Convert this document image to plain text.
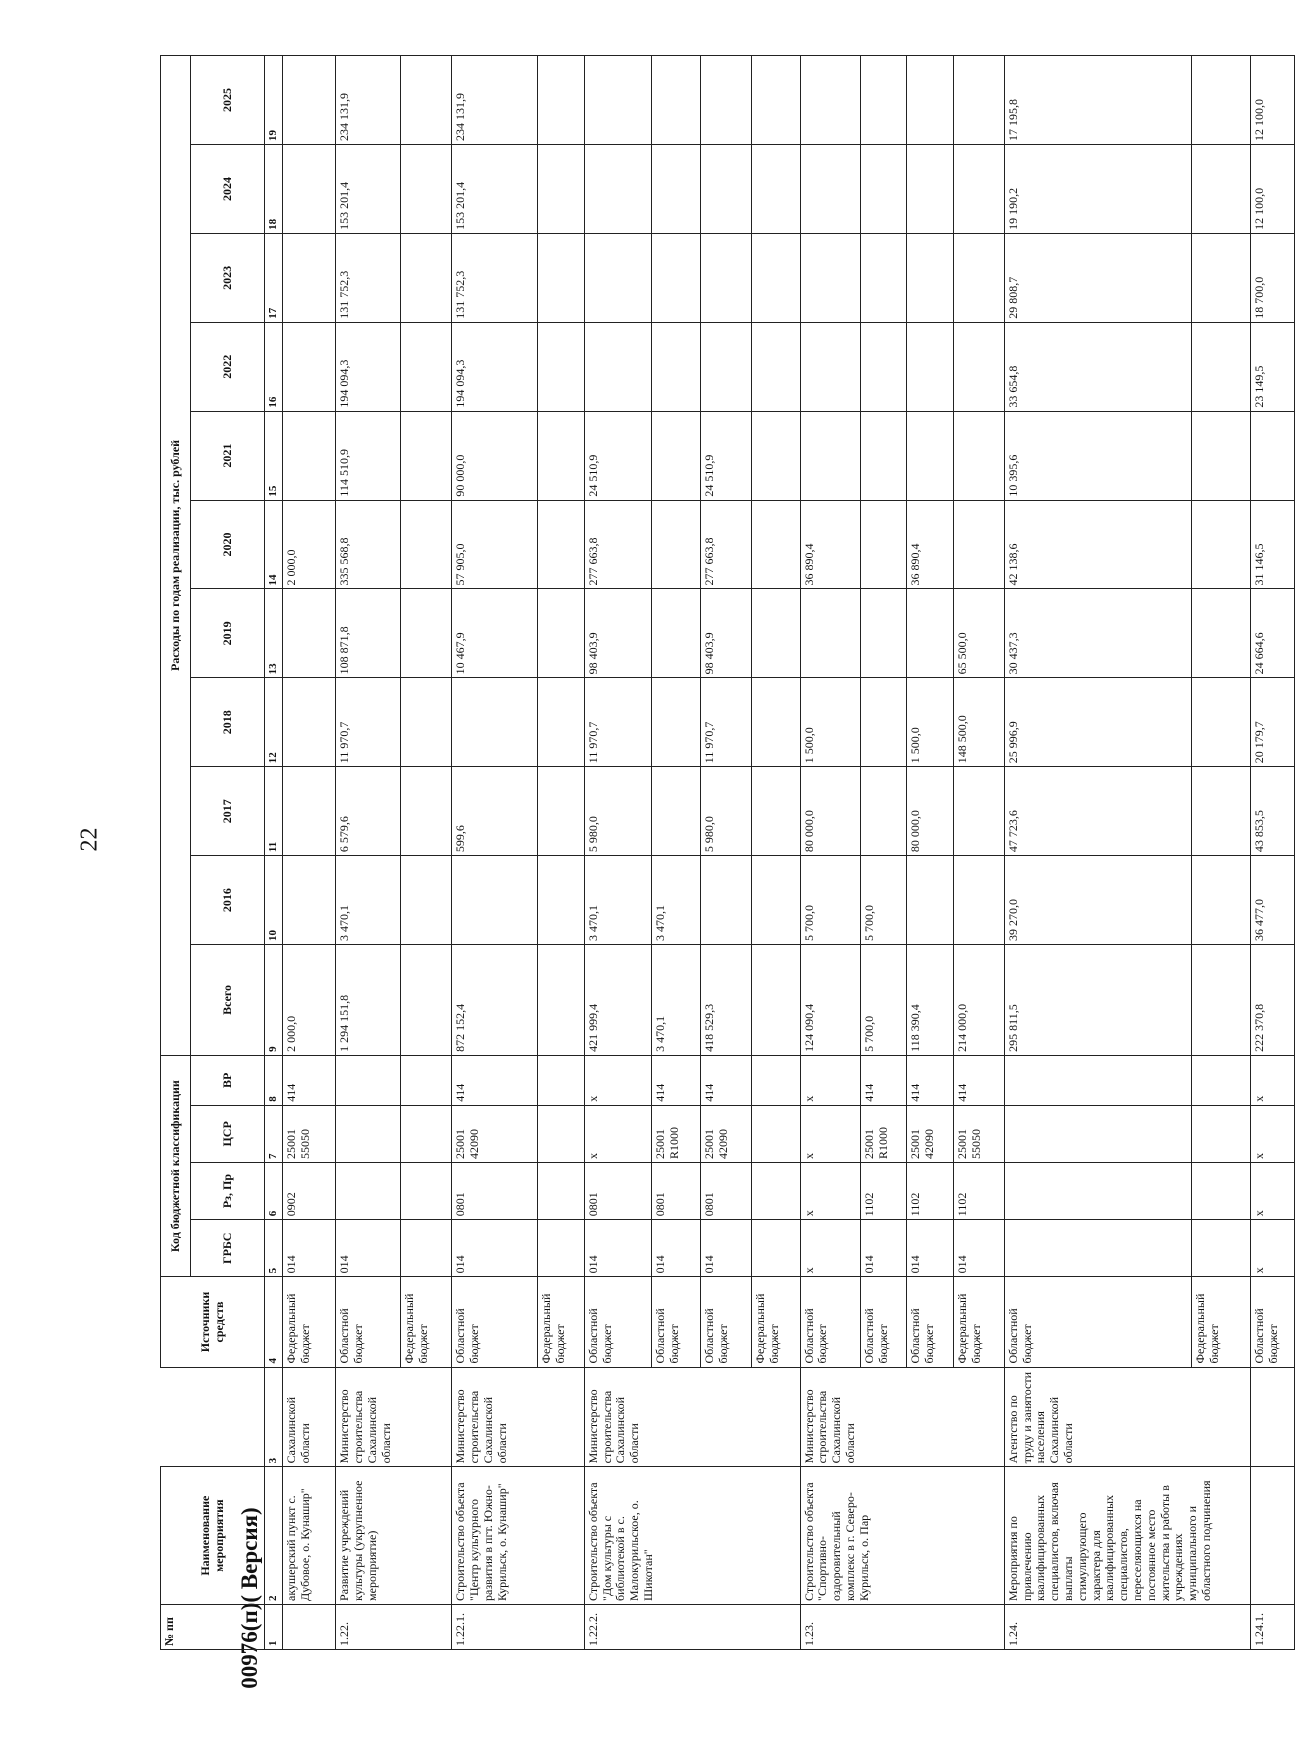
22
00976(п)( Версия)
№ пп	Наименование мероприятия		Источники средств	Код бюджетной классификации				Расходы по годам реализации, тыс. рублей										
				ГРБС	Рз, Пр	ЦСР	ВР	Всего	2016	2017	2018	2019	2020	2021	2022	2023	2024	2025
1	2	3	4	5	6	7	8	9	10	11	12	13	14	15	16	17	18	19
	акушерский пункт с. Дубовое, о. Кунашир"	Сахалинской области	Федеральный бюджет	014	0902	25001 55050	414	2 000,0					2 000,0					
1.22.	Развитие учреждений культуры (укрупненное мероприятие)	Министерство строительства Сахалинской области	Областной бюджет	014				1 294 151,8	3 470,1	6 579,6	11 970,7	108 871,8	335 568,8	114 510,9	194 094,3	131 752,3	153 201,4	234 131,9
			Федеральный бюджет															
1.22.1.	Строительство объекта "Центр культурного развития в пгт. Южно-Курильск, о. Кунашир"	Министерство строительства Сахалинской области	Областной бюджет	014	0801	25001 42090	414	872 152,4		599,6		10 467,9	57 905,0	90 000,0	194 094,3	131 752,3	153 201,4	234 131,9
			Федеральный бюджет															
1.22.2.	Строительство объекта "Дом культуры с библиотекой в с. Малокурильское, о. Шикотан"	Министерство строительства Сахалинской области	Областной бюджет	014	0801	х	х	421 999,4	3 470,1	5 980,0	11 970,7	98 403,9	277 663,8	24 510,9				
			Областной бюджет	014	0801	25001 R1000	414	3 470,1	3 470,1									
			Областной бюджет	014	0801	25001 42090	414	418 529,3		5 980,0	11 970,7	98 403,9	277 663,8	24 510,9				
			Федеральный бюджет															
1.23.	Строительство объекта "Спортивно-оздоровительный комплекс в г. Северо-Курильск, о. Пар	Министерство строительства Сахалинской области	Областной бюджет	х	х	х	х	124 090,4	5 700,0	80 000,0	1 500,0		36 890,4					
			Областной бюджет	014	1102	25001 R1000	414	5 700,0	5 700,0									
			Областной бюджет	014	1102	25001 42090	414	118 390,4		80 000,0	1 500,0		36 890,4					
			Федеральный бюджет	014	1102	25001 55050	414	214 000,0			148 500,0	65 500,0						
1.24.	Мероприятия по привлечению квалифицированных специалистов, включая выплаты стимулирующего характера для квалифицированных специалистов, переселяющихся на постоянное место жительства и работы в учреждениях муниципального и областного подчинения	Агентство по труду и занятости населения Сахалинской области	Областной бюджет					295 811,5	39 270,0	47 723,6	25 996,9	30 437,3	42 138,6	10 395,6	33 654,8	29 808,7	19 190,2	17 195,8
			Федеральный бюджет															
1.24.1.			Областной бюджет	х	х	х	х	222 370,8	36 477,0	43 853,5	20 179,7	24 664,6	31 146,5		23 149,5	18 700,0	12 100,0	12 100,0
